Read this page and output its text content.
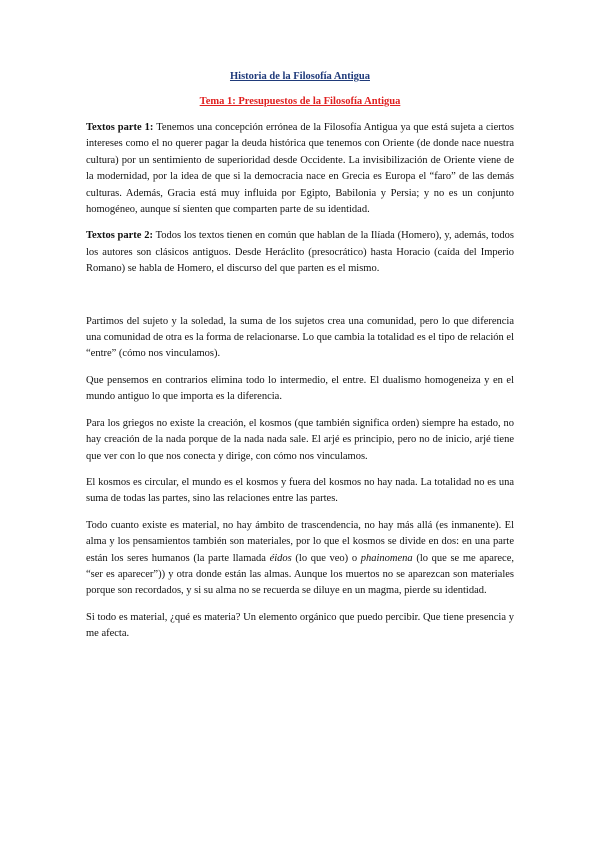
Historia de la Filosofía Antigua
Tema 1: Presupuestos de la Filosofía Antigua

Textos parte 1: Tenemos una concepción errónea de la Filosofía Antigua ya que está sujeta a ciertos intereses como el no querer pagar la deuda histórica que tenemos con Oriente (de donde nace nuestra cultura) por un sentimiento de superioridad desde Occidente. La invisibilización de Oriente viene de la modernidad, por la idea de que si la democracia nace en Grecia es Europa el “faro” de las demás culturas. Además, Gracia está muy influida por Egipto, Babilonia y Persia; y no es un conjunto homogéneo, aunque sí sienten que comparten parte de su identidad.

Textos parte 2: Todos los textos tienen en común que hablan de la Ilíada (Homero), y, además, todos los autores son clásicos antiguos. Desde Heráclito (presocrático) hasta Horacio (caída del Imperio Romano) se habla de Homero, el discurso del que parten es el mismo.

Partimos del sujeto y la soledad, la suma de los sujetos crea una comunidad, pero lo que diferencia una comunidad de otra es la forma de relacionarse. Lo que cambia la totalidad es el tipo de relación el “entre” (cómo nos vinculamos).

Que pensemos en contrarios elimina todo lo intermedio, el entre. El dualismo homogeneiza y en el mundo antiguo lo que importa es la diferencia.

Para los griegos no existe la creación, el kosmos (que también significa orden) siempre ha estado, no hay creación de la nada porque de la nada nada sale. El arjé es principio, pero no de inicio, arjé tiene que ver con lo que nos conecta y dirige, con cómo nos vinculamos.

El kosmos es circular, el mundo es el kosmos y fuera del kosmos no hay nada. La totalidad no es una suma de todas las partes, sino las relaciones entre las partes.

Todo cuanto existe es material, no hay ámbito de trascendencia, no hay más allá (es inmanente). El alma y los pensamientos también son materiales, por lo que el kosmos se divide en dos: en una parte están los seres humanos (la parte llamada éidos (lo que veo) o phainomena (lo que se me aparece, “ser es aparecer”)) y otra donde están las almas. Aunque los muertos no se aparezcan son materiales porque son recordados, y si su alma no se recuerda se diluye en un magma, pierde su identidad.

Si todo es material, ¿qué es materia? Un elemento orgánico que puedo percibir. Que tiene presencia y me afecta.
